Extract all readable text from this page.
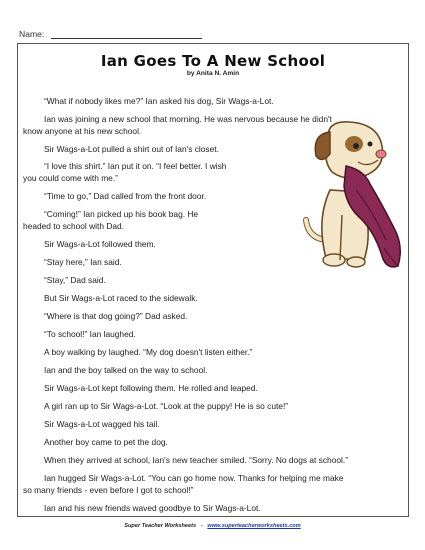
Name:
Ian Goes To A New School
by Anita N. Amin
“What if nobody likes me?” Ian asked his dog, Sir Wags-a-Lot.
Ian was joining a new school that morning. He was nervous because he didn't
know anyone at his new school.
Sir Wags-a-Lot pulled a shirt out of Ian's closet.
“I love this shirt.” Ian put it on. “I feel better. I wish
you could come with me.”
“Time to go,” Dad called from the front door.
“Coming!” Ian picked up his book bag. He
headed to school with Dad.
Sir Wags-a-Lot followed them.
“Stay here,” Ian said.
“Stay,” Dad said.
But Sir Wags-a-Lot raced to the sidewalk.
“Where is that dog going?” Dad asked.
“To school!” Ian laughed.
A boy walking by laughed. “My dog doesn't listen either.”
Ian and the boy talked on the way to school.
Sir Wags-a-Lot kept following them. He rolled and leaped.
A girl ran up to Sir Wags-a-Lot. “Look at the puppy! He is so cute!”
Sir Wags-a-Lot wagged his tail.
Another boy came to pet the dog.
When they arrived at school, Ian's new teacher smiled. “Sorry. No dogs at school.”
Ian hugged Sir Wags-a-Lot. “You can go home now. Thanks for helping me make
so many friends - even before I got to school!”
Ian and his new friends waved goodbye to Sir Wags-a-Lot.
Super Teacher Worksheets - www.superteacherworksheets.com
